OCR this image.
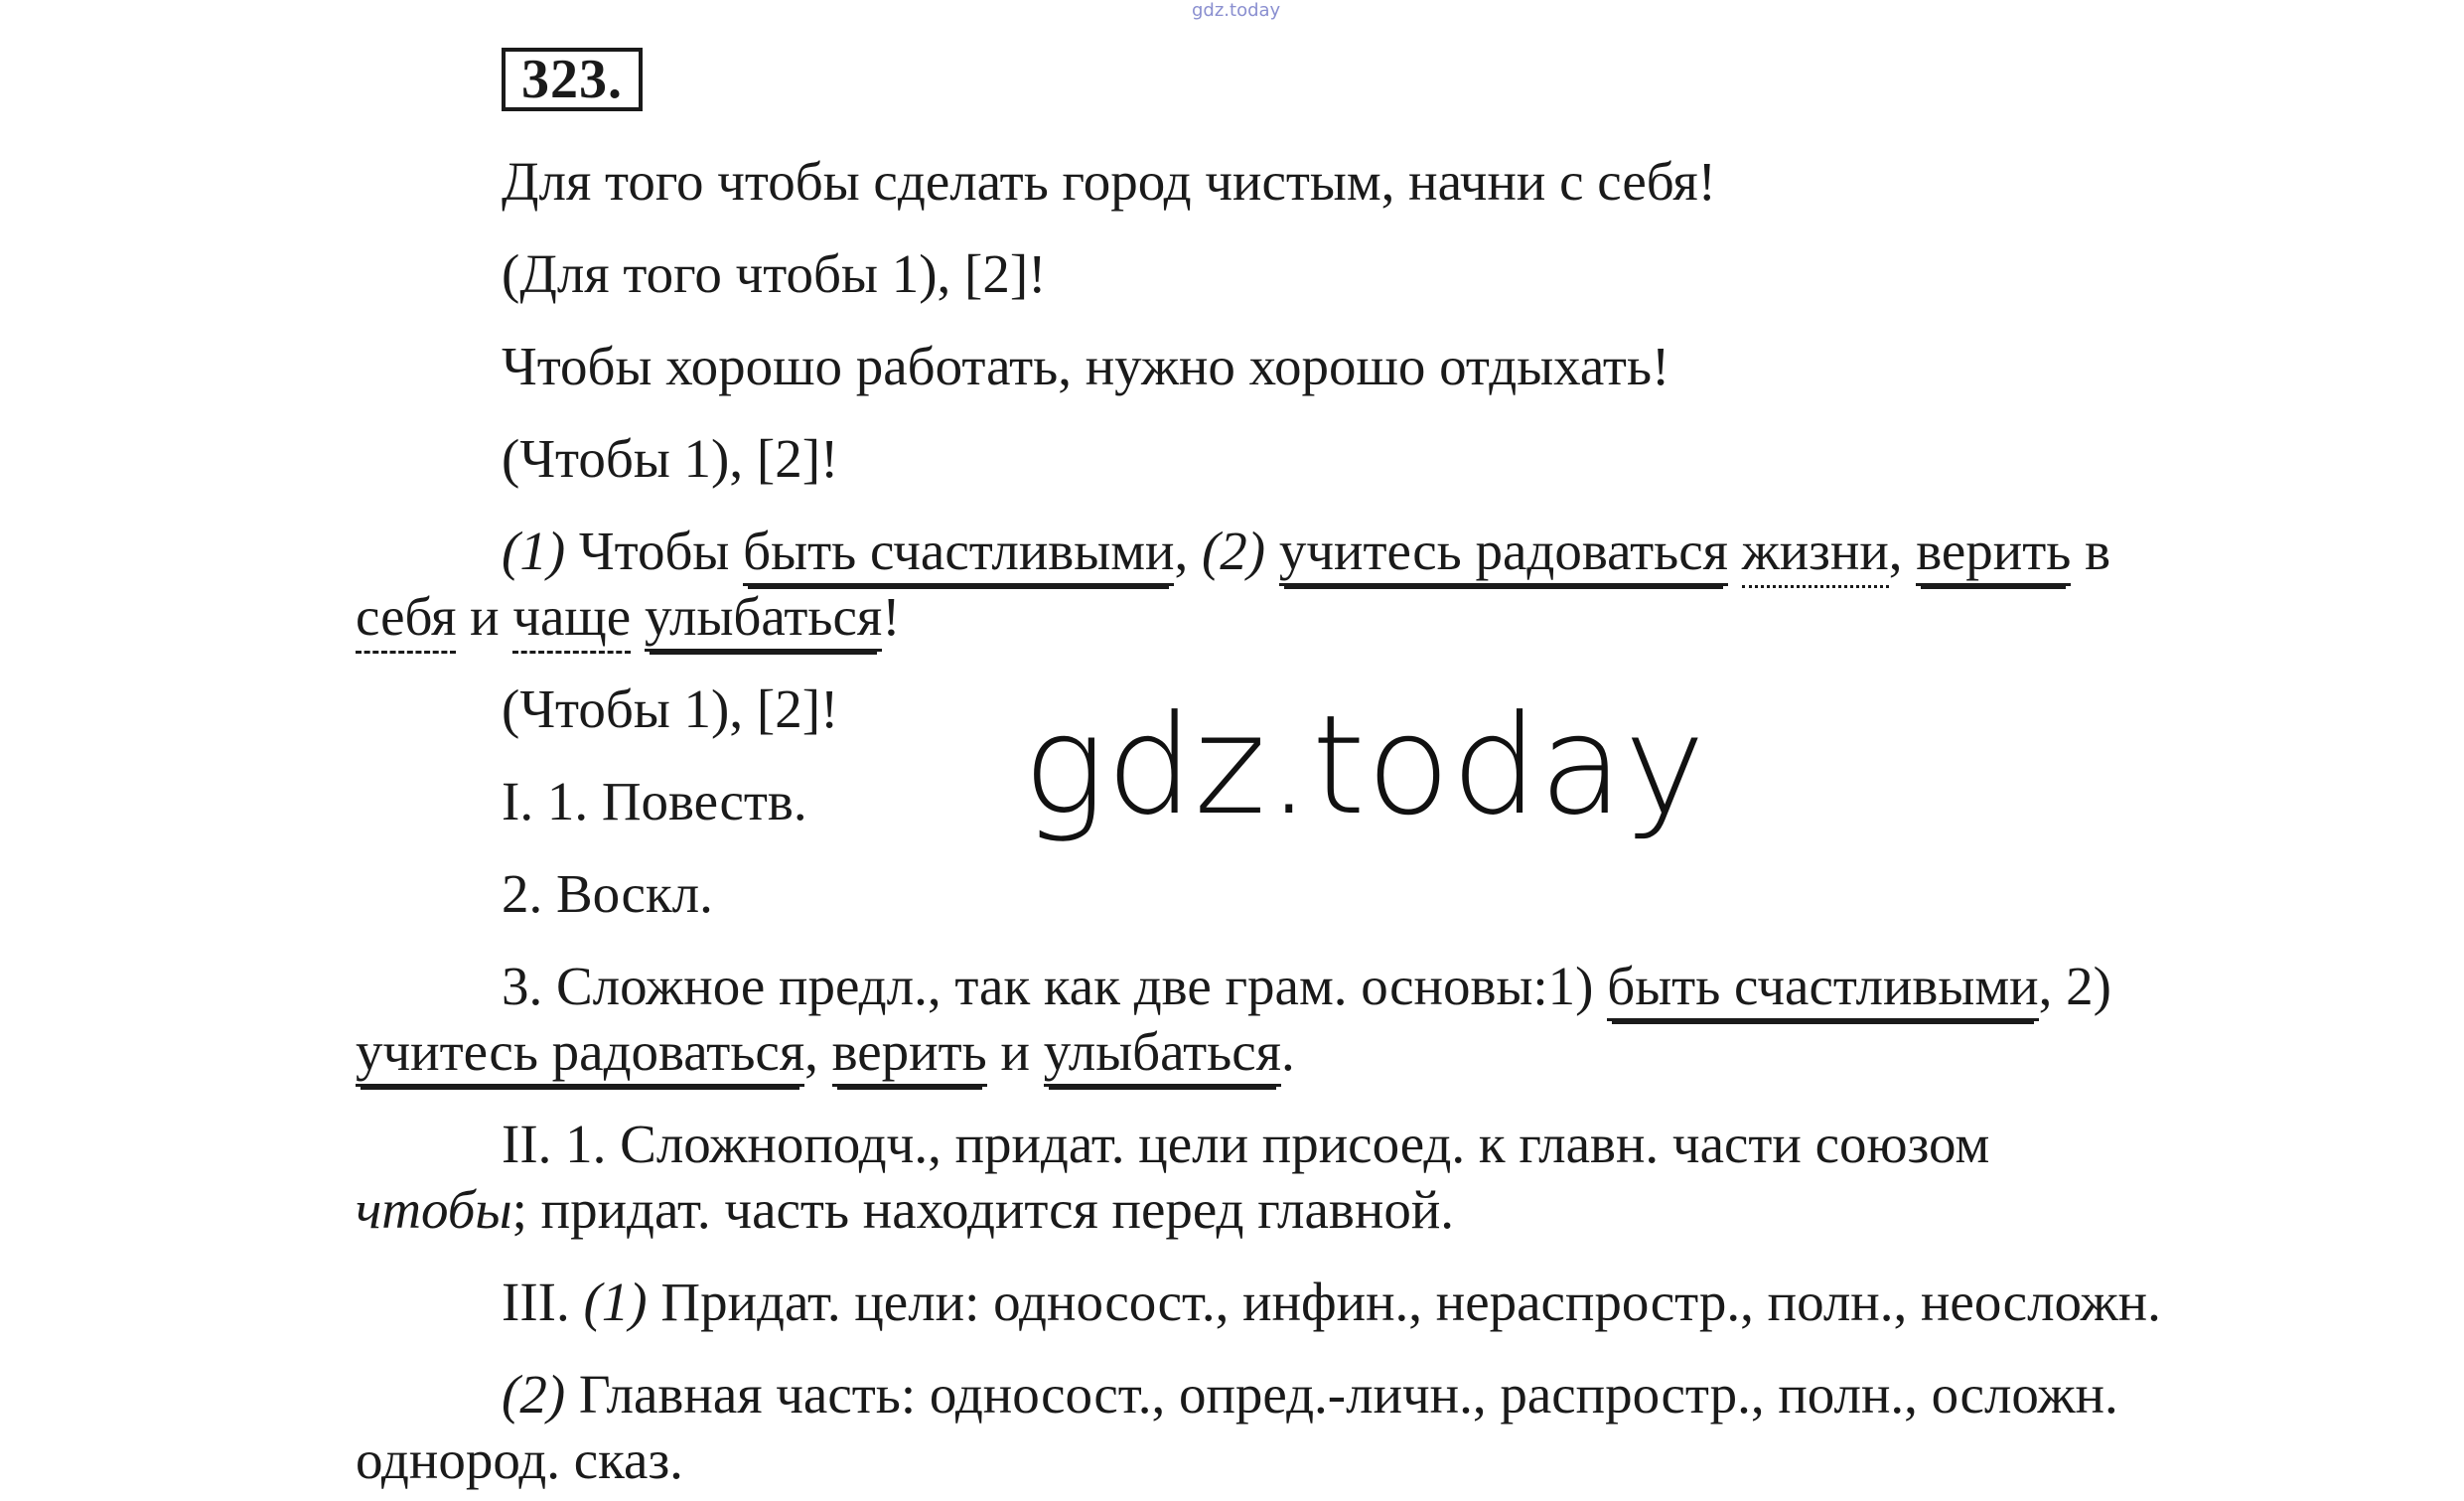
gdz.today
323.
Для того чтобы сделать город чистым, начни с себя!
(Для того чтобы 1), [2]!
Чтобы хорошо работать, нужно хорошо отдыхать!
(Чтобы 1), [2]!
(1) Чтобы быть счастливыми, (2) учитесь радоваться жизни, верить в
себя и чаще улыбаться!
(Чтобы 1), [2]!
I. 1. Повеств.
2. Воскл.
3. Сложное предл., так как две грам. основы:1) быть счастливыми, 2)
учитесь радоваться, верить и улыбаться.
II. 1. Сложноподч., придат. цели присоед. к главн. части союзом
чтобы; придат. часть находится перед главной.
III. (1) Придат. цели: односост., инфин., нераспростр., полн., неосложн.
(2) Главная часть: односост., опред.-личн., распростр., полн., осложн.
однород. сказ.
gdz.today
